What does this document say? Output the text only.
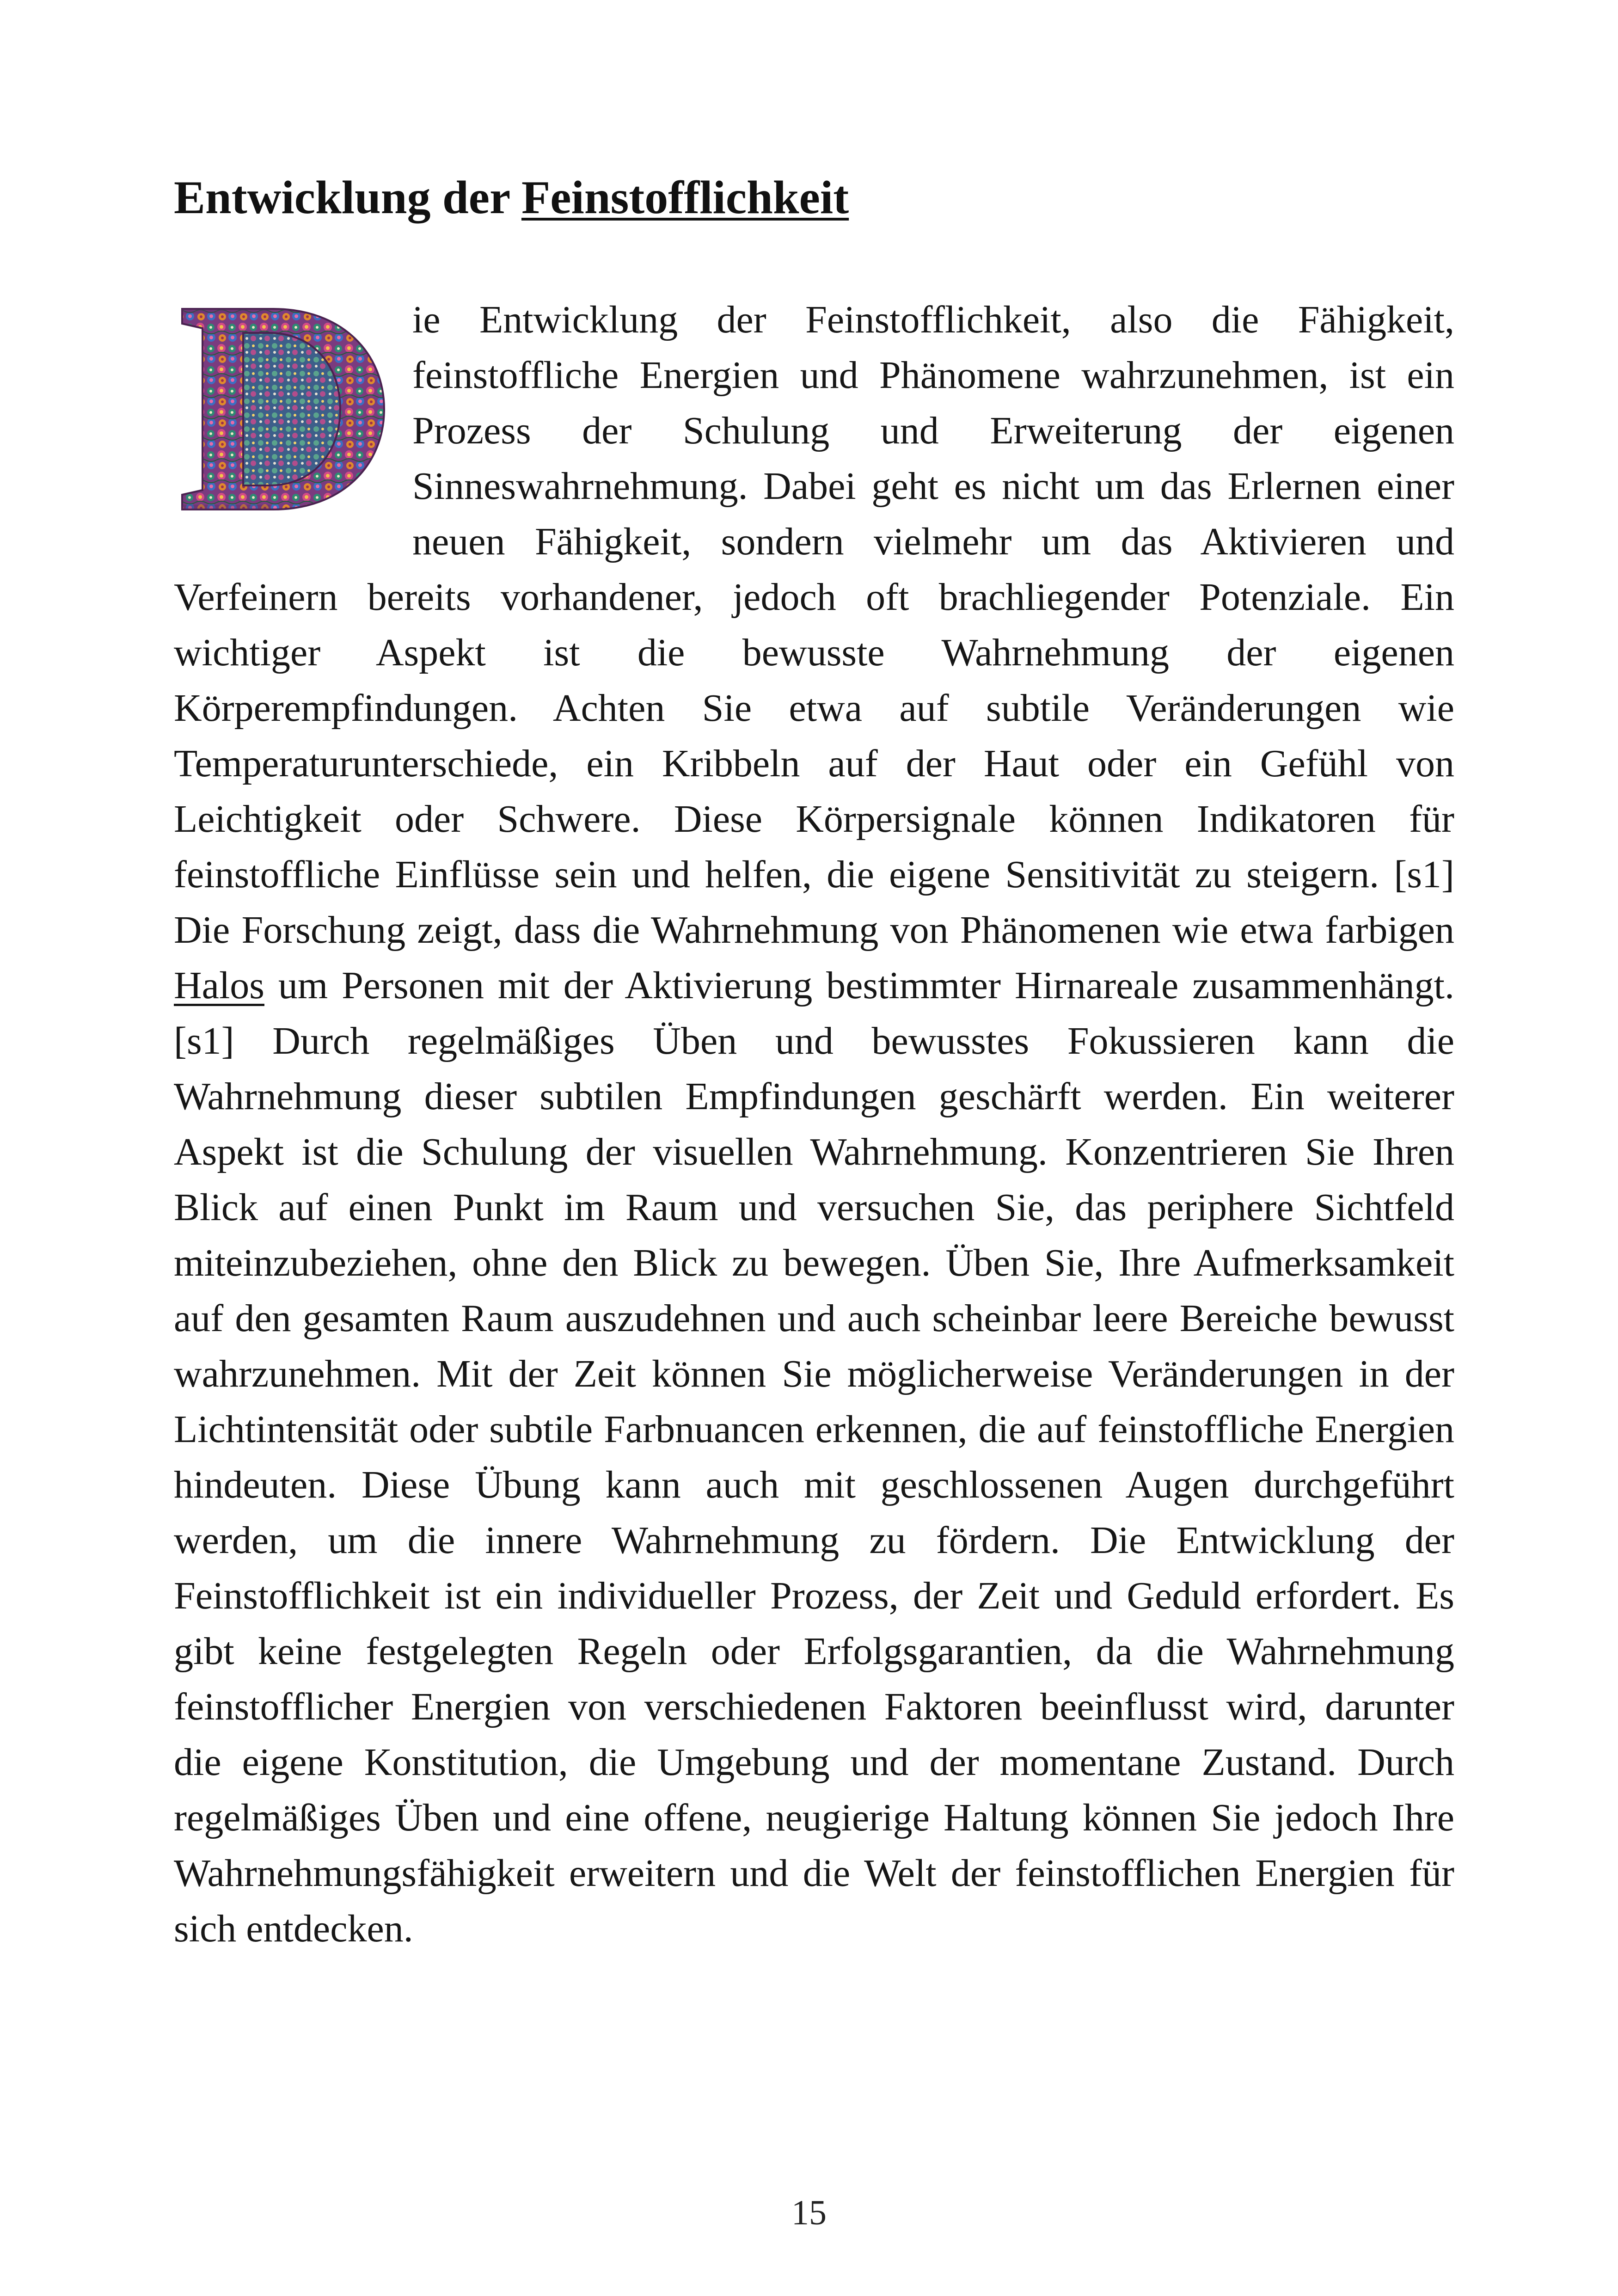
Entwicklung der Feinstofflichkeit

ie Entwicklung der Feinstofflichkeit, also die Fähigkeit, feinstoffliche Energien und Phänomene wahrzunehmen, ist ein Prozess der Schulung und Erweiterung der eigenen Sinneswahrnehmung. Dabei geht es nicht um das Erlernen einer neuen Fähigkeit, sondern vielmehr um das Aktivieren und Verfeinern bereits vorhandener, jedoch oft brachliegender Potenziale. Ein wichtiger Aspekt ist die bewusste Wahrnehmung der eigenen Körperempfindungen. Achten Sie etwa auf subtile Veränderungen wie Temperaturunterschiede, ein Kribbeln auf der Haut oder ein Gefühl von Leichtigkeit oder Schwere. Diese Körpersignale können Indikatoren für feinstoffliche Einflüsse sein und helfen, die eigene Sensitivität zu steigern. [s1] Die Forschung zeigt, dass die Wahrnehmung von Phänomenen wie etwa farbigen Halos um Personen mit der Aktivierung bestimmter Hirnareale zusammenhängt. [s1] Durch regelmäßiges Üben und bewusstes Fokussieren kann die Wahrnehmung dieser subtilen Empfindungen geschärft werden. Ein weiterer Aspekt ist die Schulung der visuellen Wahrnehmung. Konzentrieren Sie Ihren Blick auf einen Punkt im Raum und versuchen Sie, das periphere Sichtfeld miteinzubeziehen, ohne den Blick zu bewegen. Üben Sie, Ihre Aufmerksamkeit auf den gesamten Raum auszudehnen und auch scheinbar leere Bereiche bewusst wahrzunehmen. Mit der Zeit können Sie möglicherweise Veränderungen in der Lichtintensität oder subtile Farbnuancen erkennen, die auf feinstoffliche Energien hindeuten. Diese Übung kann auch mit geschlossenen Augen durchgeführt werden, um die innere Wahrnehmung zu fördern. Die Entwicklung der Feinstofflichkeit ist ein individueller Prozess, der Zeit und Geduld erfordert. Es gibt keine festgelegten Regeln oder Erfolgsgarantien, da die Wahrnehmung feinstofflicher Energien von verschiedenen Faktoren beeinflusst wird, darunter die eigene Konstitution, die Umgebung und der momentane Zustand. Durch regelmäßiges Üben und eine offene, neugierige Haltung können Sie jedoch Ihre Wahrnehmungsfähigkeit erweitern und die Welt der feinstofflichen Energien für sich entdecken.

15
